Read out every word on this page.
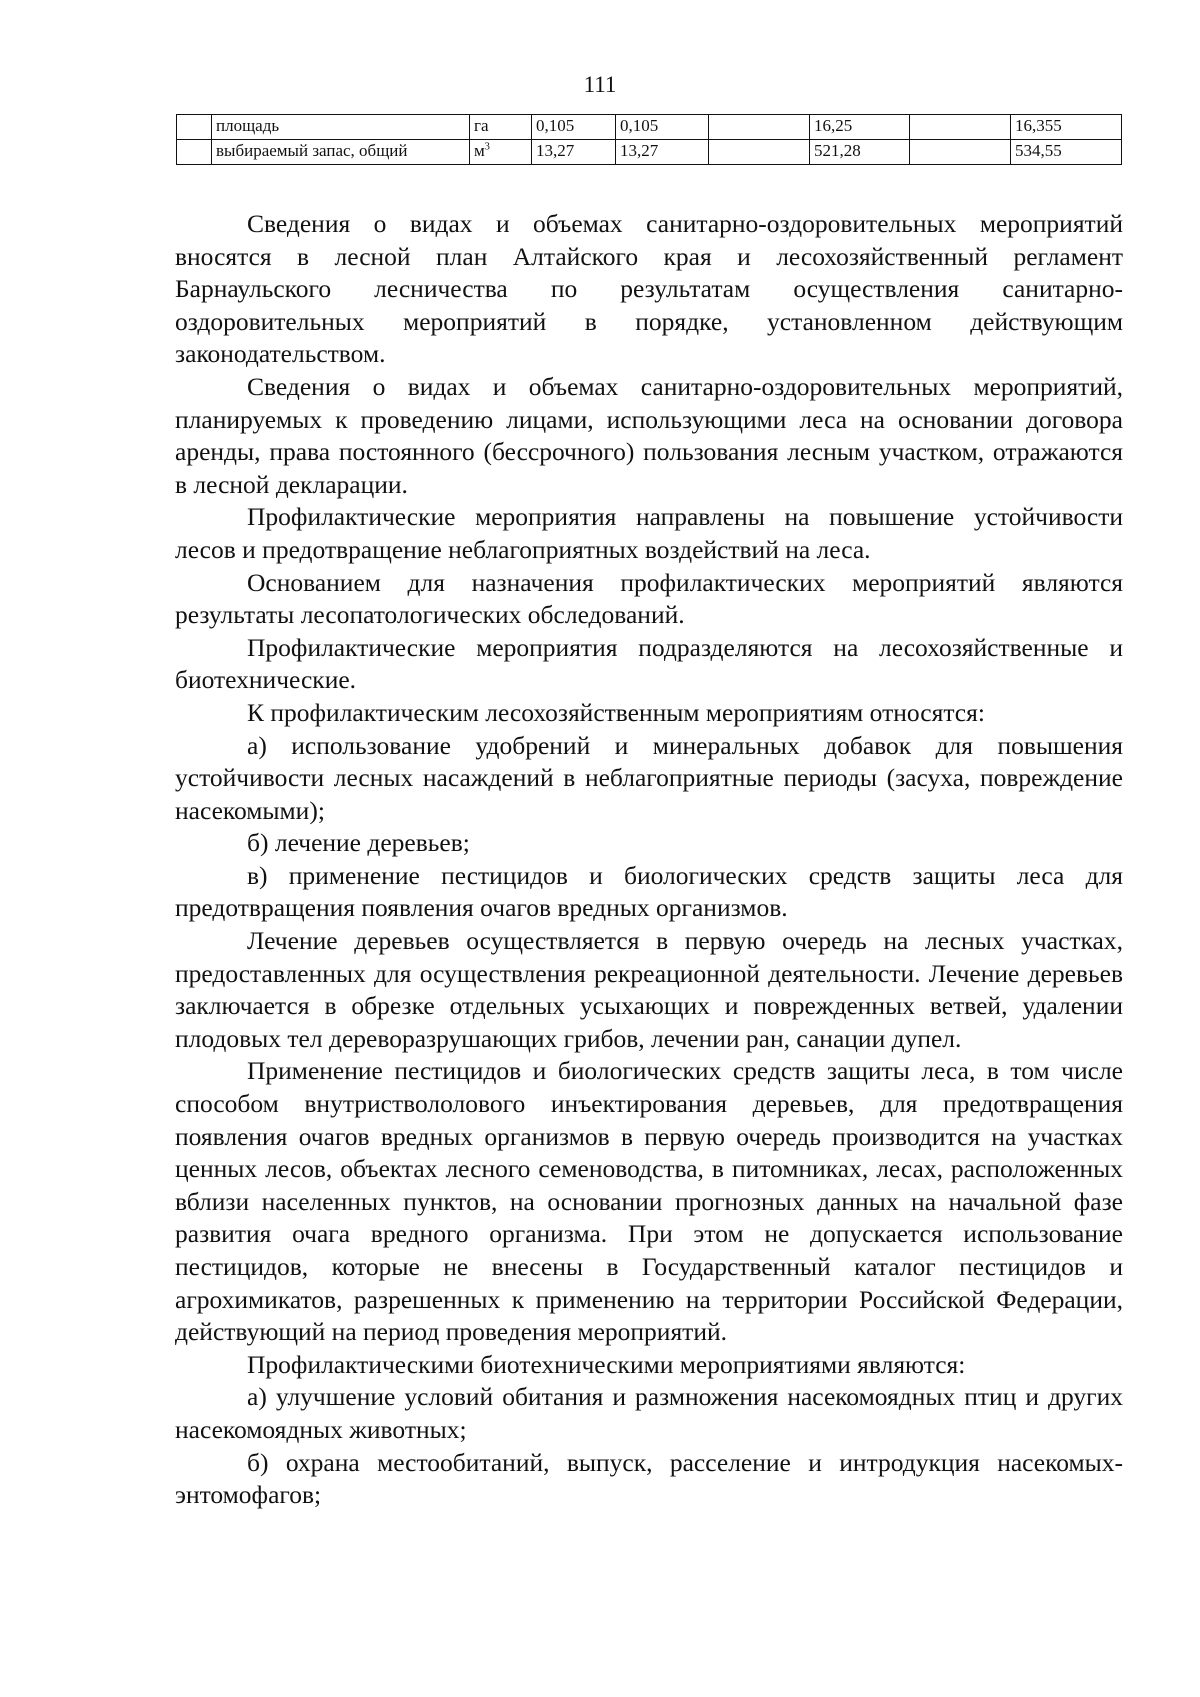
111
	площадь	га	0,105	0,105		16,25		16,355
	выбираемый запас, общий	$м^3$	13,27	13,27		521,28		534,55

Сведения о видах и объемах санитарно-оздоровительных мероприятий вносятся в лесной план Алтайского края и лесохозяйственный регламент Барнаульского лесничества по результатам осуществления санитарно-оздоровительных мероприятий в порядке, установленном действующим законодательством.

Сведения о видах и объемах санитарно-оздоровительных мероприятий, планируемых к проведению лицами, использующими леса на основании договора аренды, права постоянного (бессрочного) пользования лесным участком, отражаются в лесной декларации.

Профилактические мероприятия направлены на повышение устойчивости лесов и предотвращение неблагоприятных воздействий на леса.

Основанием для назначения профилактических мероприятий являются результаты лесопатологических обследований.

Профилактические мероприятия подразделяются на лесохозяйственные и биотехнические.

К профилактическим лесохозяйственным мероприятиям относятся:

а) использование удобрений и минеральных добавок для повышения устойчивости лесных насаждений в неблагоприятные периоды (засуха, повреждение насекомыми);

б) лечение деревьев;

в) применение пестицидов и биологических средств защиты леса для предотвращения появления очагов вредных организмов.

Лечение деревьев осуществляется в первую очередь на лесных участках, предоставленных для осуществления рекреационной деятельности. Лечение деревьев заключается в обрезке отдельных усыхающих и поврежденных ветвей, удалении плодовых тел дереворазрушающих грибов, лечении ран, санации дупел.

Применение пестицидов и биологических средств защиты леса, в том числе способом внутриствололового инъектирования деревьев, для предотвращения появления очагов вредных организмов в первую очередь производится на участках ценных лесов, объектах лесного семеноводства, в питомниках, лесах, расположенных вблизи населенных пунктов, на основании прогнозных данных на начальной фазе развития очага вредного организма. При этом не допускается использование пестицидов, которые не внесены в Государственный каталог пестицидов и агрохимикатов, разрешенных к применению на территории Российской Федерации, действующий на период проведения мероприятий.

Профилактическими биотехническими мероприятиями являются:

а) улучшение условий обитания и размножения насекомоядных птиц и других насекомоядных животных;

б) охрана местообитаний, выпуск, расселение и интродукция насекомых-энтомофагов;
